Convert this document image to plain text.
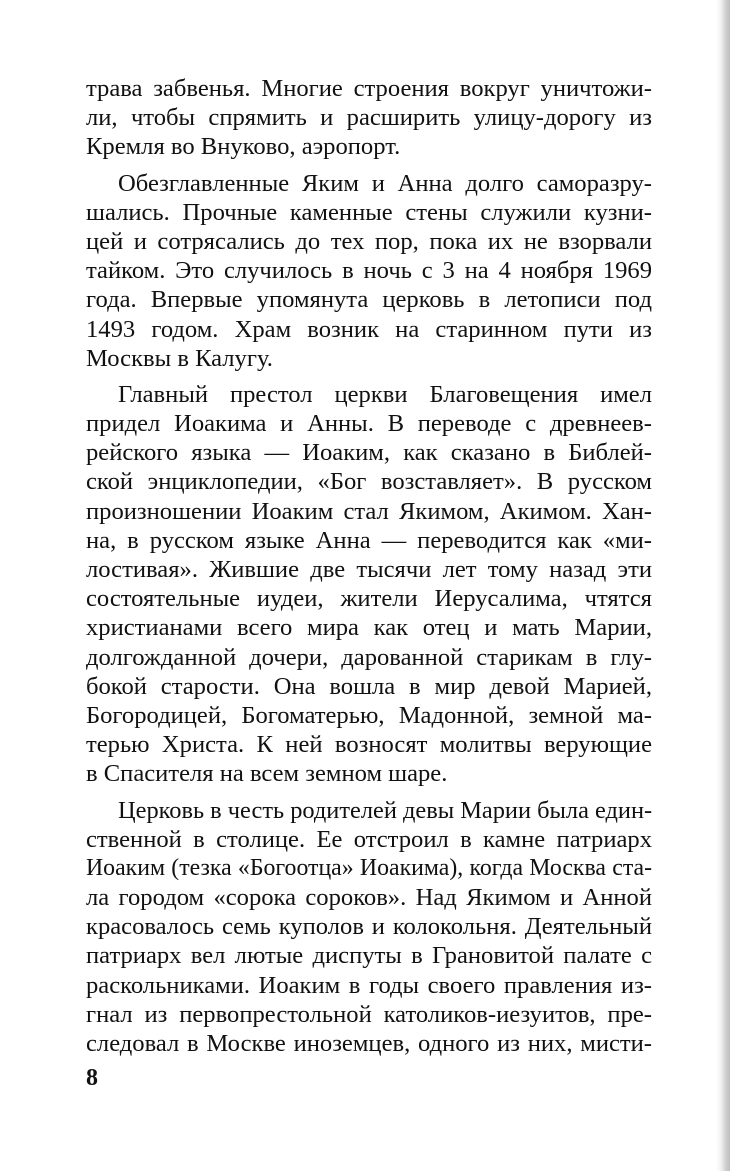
трава забвенья. Многие строения вокруг уничтожи-
ли, чтобы спрямить и расширить улицу-дорогу из
Кремля во Внуково, аэропорт.
Обезглавленные Яким и Анна долго саморазру-
шались. Прочные каменные стены служили кузни-
цей и сотрясались до тех пор, пока их не взорвали
тайком. Это случилось в ночь с 3 на 4 ноября 1969
года. Впервые упомянута церковь в летописи под
1493 годом. Храм возник на старинном пути из
Москвы в Калугу.
Главный престол церкви Благовещения имел
придел Иоакима и Анны. В переводе с древнеев-
рейского языка — Иоаким, как сказано в Библей-
ской энциклопедии, «Бог возставляет». В русском
произношении Иоаким стал Якимом, Акимом. Хан-
на, в русском языке Анна — переводится как «ми-
лостивая». Жившие две тысячи лет тому назад эти
состоятельные иудеи, жители Иерусалима, чтятся
христианами всего мира как отец и мать Марии,
долгожданной дочери, дарованной старикам в глу-
бокой старости. Она вошла в мир девой Марией,
Богородицей, Богоматерью, Мадонной, земной ма-
терью Христа. К ней возносят молитвы верующие
в Спасителя на всем земном шаре.
Церковь в честь родителей девы Марии была един-
ственной в столице. Ее отстроил в камне патриарх
Иоаким (тезка «Богоотца» Иоакима), когда Москва ста-
ла городом «сорока сороков». Над Якимом и Анной
красовалось семь куполов и колокольня. Деятельный
патриарх вел лютые диспуты в Грановитой палате с
раскольниками. Иоаким в годы своего правления из-
гнал из первопрестольной католиков-иезуитов, пре-
следовал в Москве иноземцев, одного из них, мисти-
8
